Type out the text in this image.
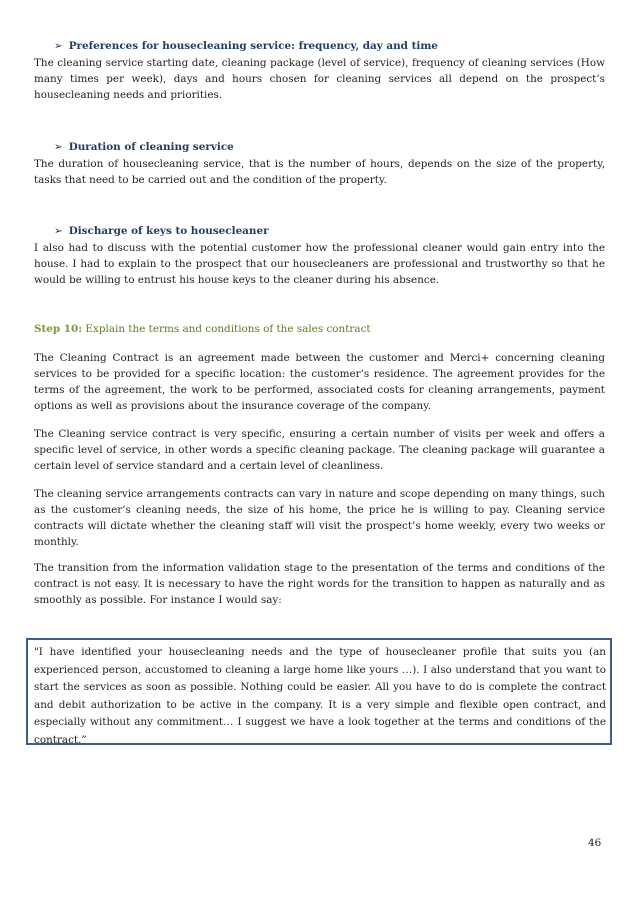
➢ Preferences for housecleaning service: frequency, day and time
The cleaning service starting date, cleaning package (level of service), frequency of cleaning services (How many times per week), days and hours chosen for cleaning services all depend on the prospect’s housecleaning needs and priorities.
➢ Duration of cleaning service
The duration of housecleaning service, that is the number of hours, depends on the size of the property, tasks that need to be carried out and the condition of the property.
➢ Discharge of keys to housecleaner
I also had to discuss with the potential customer how the professional cleaner would gain entry into the house. I had to explain to the prospect that our housecleaners are professional and trustworthy so that he would be willing to entrust his house keys to the cleaner during his absence.
Step 10: Explain the terms and conditions of the sales contract
The Cleaning Contract is an agreement made between the customer and Merci+ concerning cleaning services to be provided for a specific location: the customer’s residence. The agreement provides for the terms of the agreement, the work to be performed, associated costs for cleaning arrangements, payment options as well as provisions about the insurance coverage of the company.
The Cleaning service contract is very specific, ensuring a certain number of visits per week and offers a specific level of service, in other words a specific cleaning package. The cleaning package will guarantee a certain level of service standard and a certain level of cleanliness.
The cleaning service arrangements contracts can vary in nature and scope depending on many things, such as the customer’s cleaning needs, the size of his home, the price he is willing to pay. Cleaning service contracts will dictate whether the cleaning staff will visit the prospect’s home weekly, every two weeks or monthly.
The transition from the information validation stage to the presentation of the terms and conditions of the contract is not easy. It is necessary to have the right words for the transition to happen as naturally and as smoothly as possible. For instance I would say:
"I have identified your housecleaning needs and the type of housecleaner profile that suits you (an experienced person, accustomed to cleaning a large home like yours …). I also understand that you want to start the services as soon as possible. Nothing could be easier. All you have to do is complete the contract and debit authorization to be active in the company. It is a very simple and flexible open contract, and especially without any commitment… I suggest we have a look together at the terms and conditions of the contract.”
46
